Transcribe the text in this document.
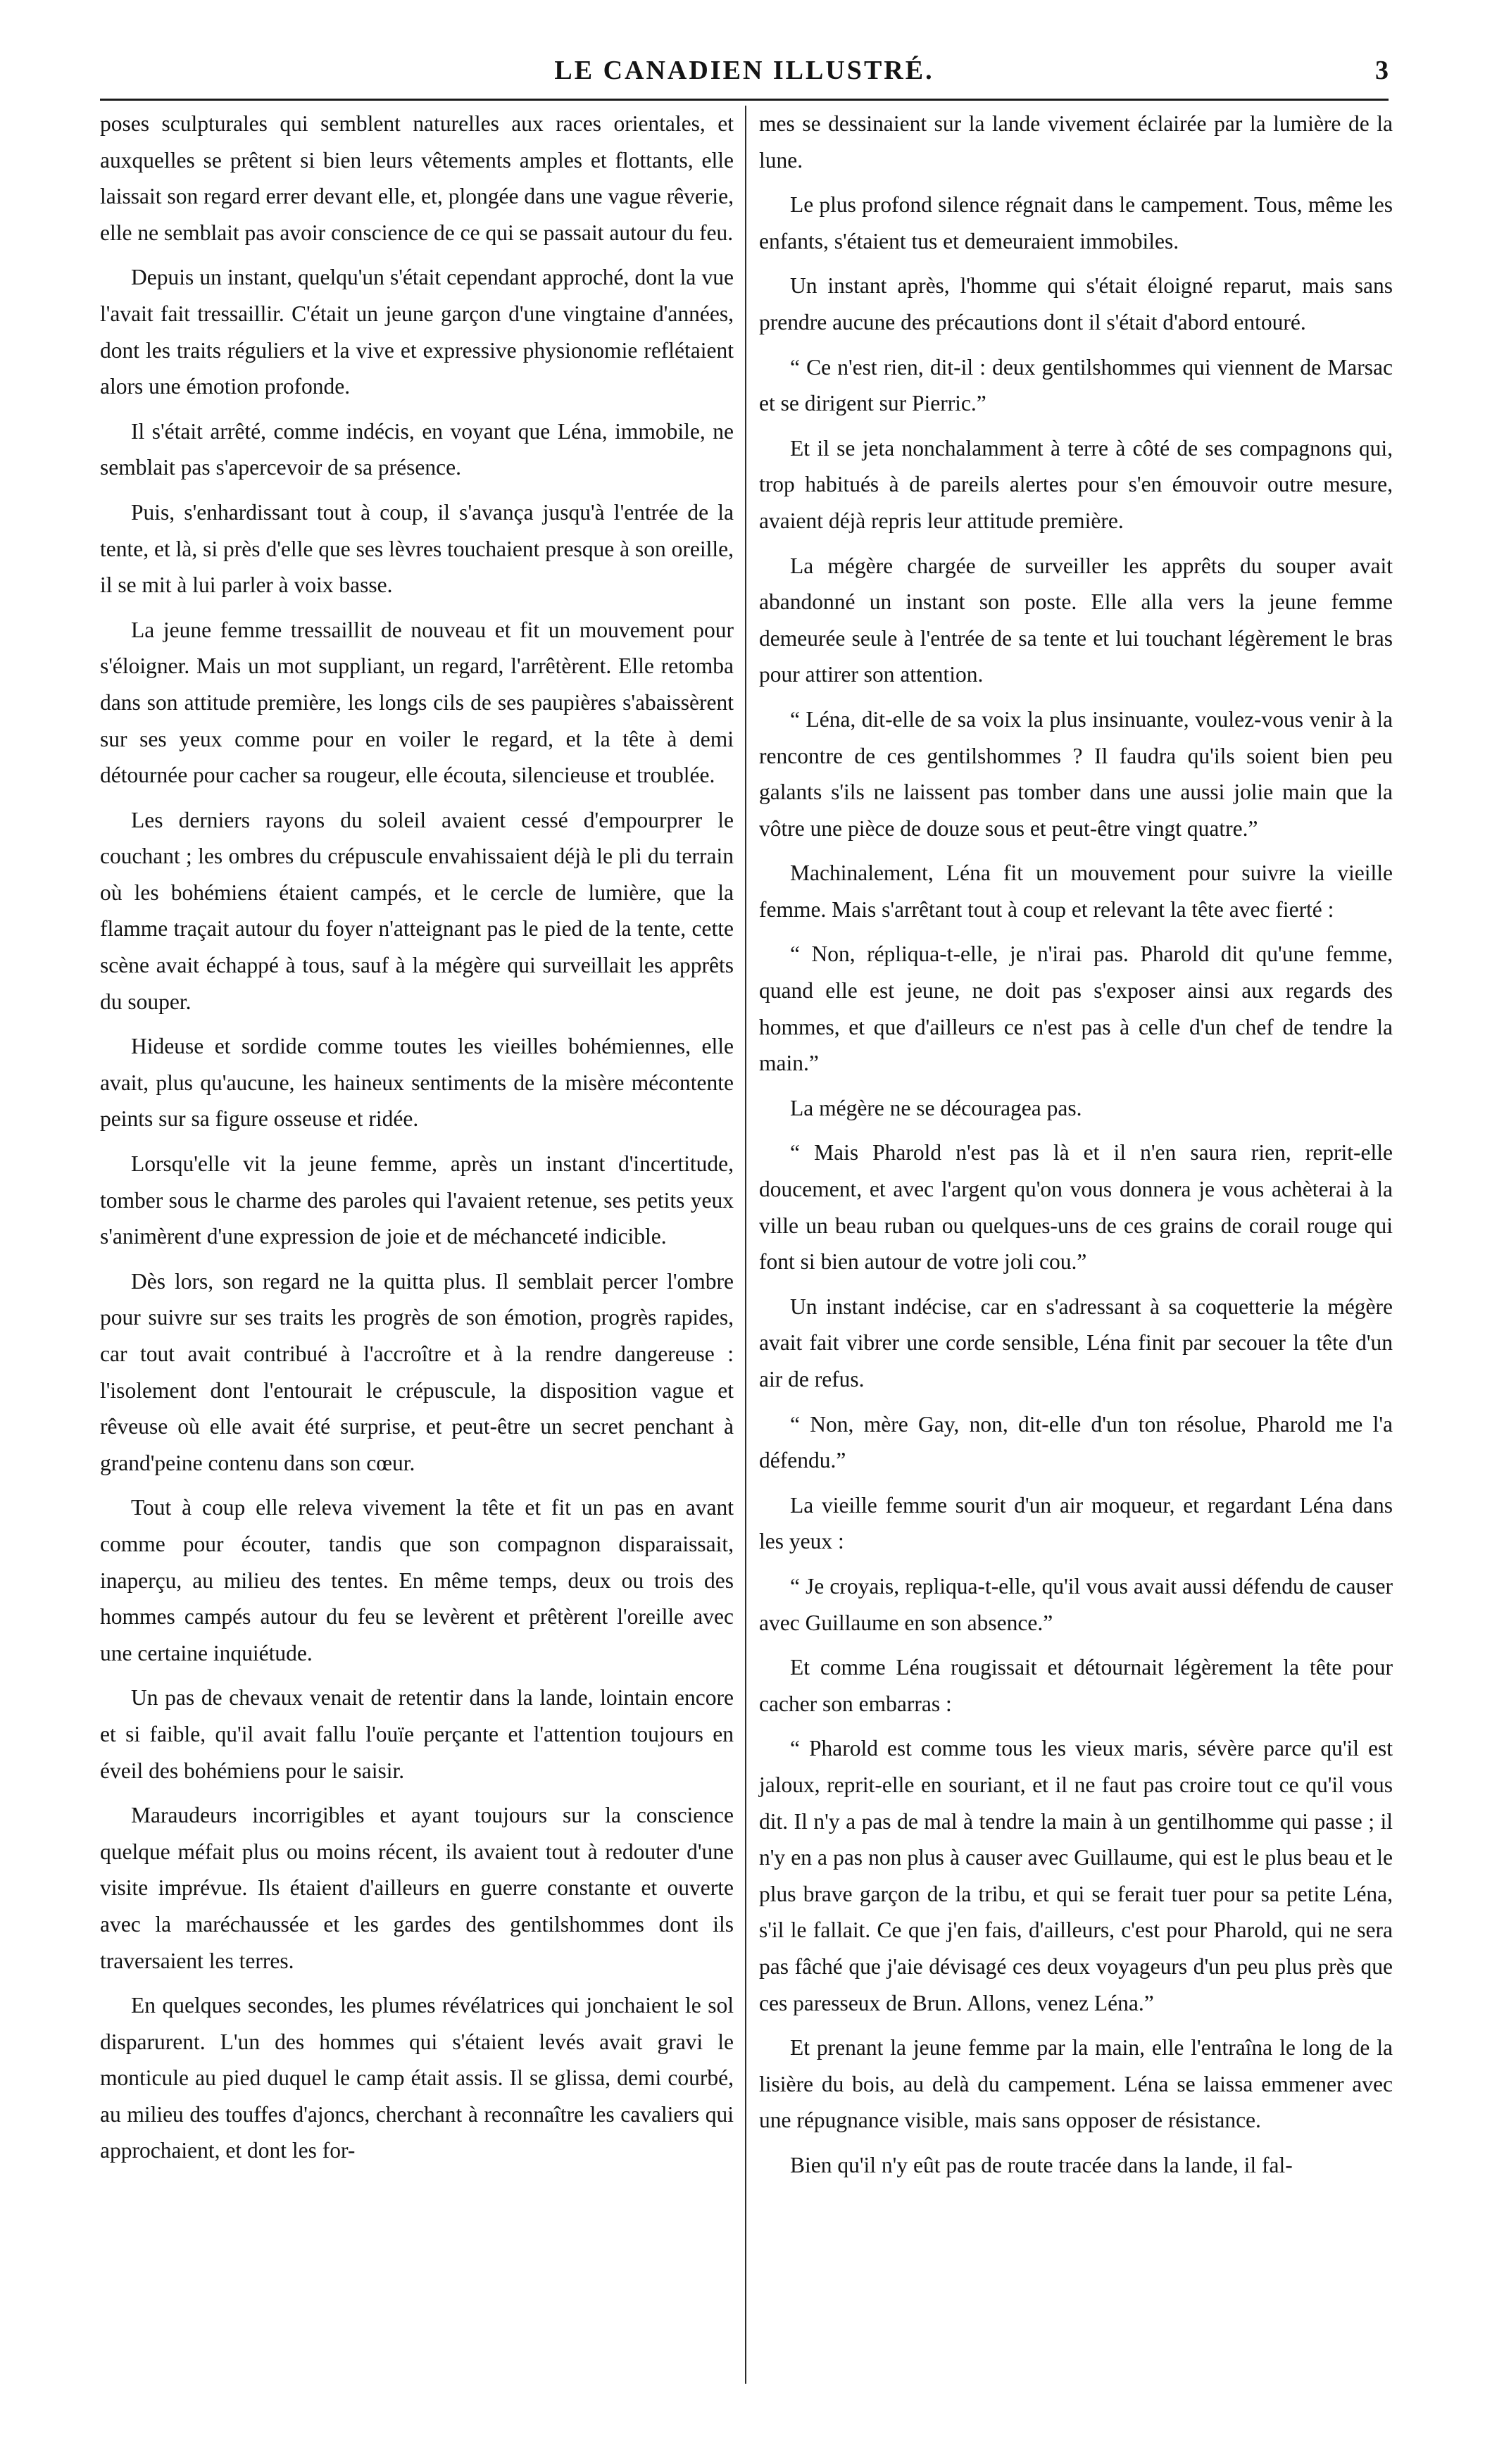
LE CANADIEN ILLUSTRÉ.	3

poses sculpturales qui semblent naturelles aux races orientales, et auxquelles se prêtent si bien leurs vêtements amples et flottants, elle laissait son regard errer devant elle, et, plongée dans une vague rêverie, elle ne semblait pas avoir conscience de ce qui se passait autour du feu.

Depuis un instant, quelqu'un s'était cependant approché, dont la vue l'avait fait tressaillir. C'était un jeune garçon d'une vingtaine d'années, dont les traits réguliers et la vive et expressive physionomie reflétaient alors une émotion profonde.

Il s'était arrêté, comme indécis, en voyant que Léna, immobile, ne semblait pas s'apercevoir de sa présence.

Puis, s'enhardissant tout à coup, il s'avança jusqu'à l'entrée de la tente, et là, si près d'elle que ses lèvres touchaient presque à son oreille, il se mit à lui parler à voix basse.

La jeune femme tressaillit de nouveau et fit un mouvement pour s'éloigner. Mais un mot suppliant, un regard, l'arrêtèrent. Elle retomba dans son attitude première, les longs cils de ses paupières s'abaissèrent sur ses yeux comme pour en voiler le regard, et la tête à demi détournée pour cacher sa rougeur, elle écouta, silencieuse et troublée.

Les derniers rayons du soleil avaient cessé d'empourprer le couchant ; les ombres du crépuscule envahissaient déjà le pli du terrain où les bohémiens étaient campés, et le cercle de lumière, que la flamme traçait autour du foyer n'atteignant pas le pied de la tente, cette scène avait échappé à tous, sauf à la mégère qui surveillait les apprêts du souper.

Hideuse et sordide comme toutes les vieilles bohémiennes, elle avait, plus qu'aucune, les haineux sentiments de la misère mécontente peints sur sa figure osseuse et ridée.

Lorsqu'elle vit la jeune femme, après un instant d'incertitude, tomber sous le charme des paroles qui l'avaient retenue, ses petits yeux s'animèrent d'une expression de joie et de méchanceté indicible.

Dès lors, son regard ne la quitta plus. Il semblait percer l'ombre pour suivre sur ses traits les progrès de son émotion, progrès rapides, car tout avait contribué à l'accroître et à la rendre dangereuse : l'isolement dont l'entourait le crépuscule, la disposition vague et rêveuse où elle avait été surprise, et peut-être un secret penchant à grand'peine contenu dans son cœur.

Tout à coup elle releva vivement la tête et fit un pas en avant comme pour écouter, tandis que son compagnon disparaissait, inaperçu, au milieu des tentes. En même temps, deux ou trois des hommes campés autour du feu se levèrent et prêtèrent l'oreille avec une certaine inquiétude.

Un pas de chevaux venait de retentir dans la lande, lointain encore et si faible, qu'il avait fallu l'ouïe perçante et l'attention toujours en éveil des bohémiens pour le saisir.

Maraudeurs incorrigibles et ayant toujours sur la conscience quelque méfait plus ou moins récent, ils avaient tout à redouter d'une visite imprévue. Ils étaient d'ailleurs en guerre constante et ouverte avec la maréchaussée et les gardes des gentilshommes dont ils traversaient les terres.

En quelques secondes, les plumes révélatrices qui jonchaient le sol disparurent. L'un des hommes qui s'étaient levés avait gravi le monticule au pied duquel le camp était assis. Il se glissa, demi courbé, au milieu des touffes d'ajoncs, cherchant à reconnaître les cavaliers qui approchaient, et dont les for-

mes se dessinaient sur la lande vivement éclairée par la lumière de la lune.

Le plus profond silence régnait dans le campement. Tous, même les enfants, s'étaient tus et demeuraient immobiles.

Un instant après, l'homme qui s'était éloigné reparut, mais sans prendre aucune des précautions dont il s'était d'abord entouré.

“ Ce n'est rien, dit-il : deux gentilshommes qui viennent de Marsac et se dirigent sur Pierric.”

Et il se jeta nonchalamment à terre à côté de ses compagnons qui, trop habitués à de pareils alertes pour s'en émouvoir outre mesure, avaient déjà repris leur attitude première.

La mégère chargée de surveiller les apprêts du souper avait abandonné un instant son poste. Elle alla vers la jeune femme demeurée seule à l'entrée de sa tente et lui touchant légèrement le bras pour attirer son attention.

“ Léna, dit-elle de sa voix la plus insinuante, voulez-vous venir à la rencontre de ces gentilshommes ? Il faudra qu'ils soient bien peu galants s'ils ne laissent pas tomber dans une aussi jolie main que la vôtre une pièce de douze sous et peut-être vingt quatre.”

Machinalement, Léna fit un mouvement pour suivre la vieille femme. Mais s'arrêtant tout à coup et relevant la tête avec fierté :

“ Non, répliqua-t-elle, je n'irai pas. Pharold dit qu'une femme, quand elle est jeune, ne doit pas s'exposer ainsi aux regards des hommes, et que d'ailleurs ce n'est pas à celle d'un chef de tendre la main.”

La mégère ne se découragea pas.

“ Mais Pharold n'est pas là et il n'en saura rien, reprit-elle doucement, et avec l'argent qu'on vous donnera je vous achèterai à la ville un beau ruban ou quelques-uns de ces grains de corail rouge qui font si bien autour de votre joli cou.”

Un instant indécise, car en s'adressant à sa coquetterie la mégère avait fait vibrer une corde sensible, Léna finit par secouer la tête d'un air de refus.

“ Non, mère Gay, non, dit-elle d'un ton résolue, Pharold me l'a défendu.”

La vieille femme sourit d'un air moqueur, et regardant Léna dans les yeux :

“ Je croyais, repliqua-t-elle, qu'il vous avait aussi défendu de causer avec Guillaume en son absence.”

Et comme Léna rougissait et détournait légèrement la tête pour cacher son embarras :

“ Pharold est comme tous les vieux maris, sévère parce qu'il est jaloux, reprit-elle en souriant, et il ne faut pas croire tout ce qu'il vous dit. Il n'y a pas de mal à tendre la main à un gentilhomme qui passe ; il n'y en a pas non plus à causer avec Guillaume, qui est le plus beau et le plus brave garçon de la tribu, et qui se ferait tuer pour sa petite Léna, s'il le fallait. Ce que j'en fais, d'ailleurs, c'est pour Pharold, qui ne sera pas fâché que j'aie dévisagé ces deux voyageurs d'un peu plus près que ces paresseux de Brun. Allons, venez Léna.”

Et prenant la jeune femme par la main, elle l'entraîna le long de la lisière du bois, au delà du campement. Léna se laissa emmener avec une répugnance visible, mais sans opposer de résistance.

Bien qu'il n'y eût pas de route tracée dans la lande, il fal-
